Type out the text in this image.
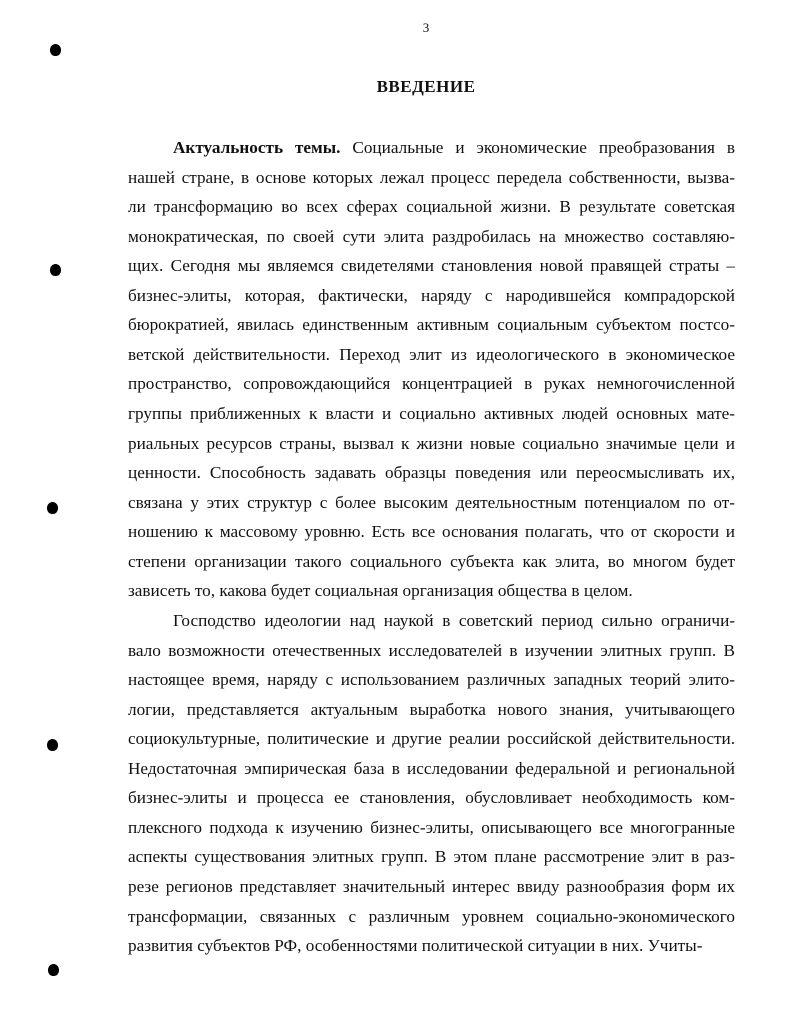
3
ВВЕДЕНИЕ
Актуальность темы. Социальные и экономические преобразования в
нашей стране, в основе которых лежал процесс передела собственности, вызва-
ли трансформацию во всех сферах социальной жизни. В результате советская
монократическая, по своей сути элита раздробилась на множество составляю-
щих. Сегодня мы являемся свидетелями становления новой правящей страты –
бизнес-элиты, которая, фактически, наряду с народившейся компрадорской
бюрократией, явилась единственным активным социальным субъектом постсо-
ветской действительности. Переход элит из идеологического в экономическое
пространство, сопровождающийся концентрацией в руках немногочисленной
группы приближенных к власти и социально активных людей основных мате-
риальных ресурсов страны, вызвал к жизни новые социально значимые цели и
ценности. Способность задавать образцы поведения или переосмысливать их,
связана у этих структур с более высоким деятельностным потенциалом по от-
ношению к массовому уровню. Есть все основания полагать, что от скорости и
степени организации такого социального субъекта как элита, во многом будет
зависеть то, какова будет социальная организация общества в целом.
Господство идеологии над наукой в советский период сильно ограничи-
вало возможности отечественных исследователей в изучении элитных групп. В
настоящее время, наряду с использованием различных западных теорий элито-
логии, представляется актуальным выработка нового знания, учитывающего
социокультурные, политические и другие реалии российской действительности.
Недостаточная эмпирическая база в исследовании федеральной и региональной
бизнес-элиты и процесса ее становления, обусловливает необходимость ком-
плексного подхода к изучению бизнес-элиты, описывающего все многогранные
аспекты существования элитных групп. В этом плане рассмотрение элит в раз-
резе регионов представляет значительный интерес ввиду разнообразия форм их
трансформации, связанных с различным уровнем социально-экономического
развития субъектов РФ, особенностями политической ситуации в них. Учиты-
